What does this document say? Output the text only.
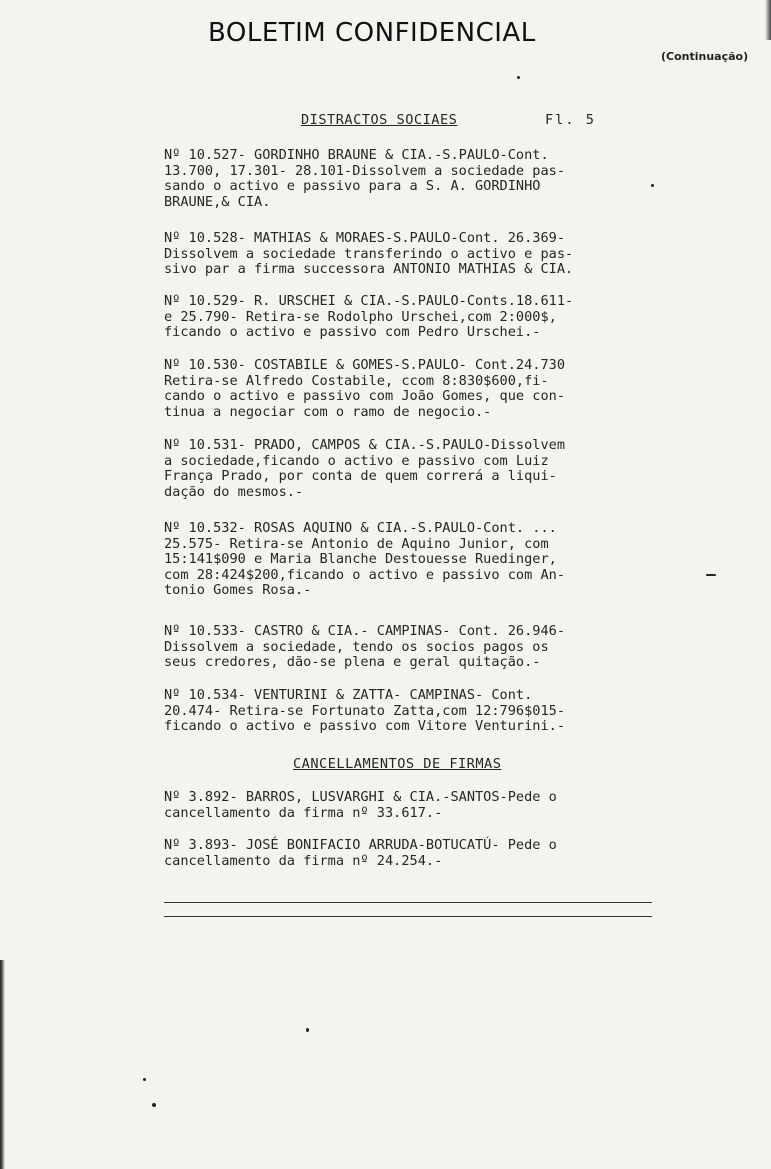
BOLETIM CONFIDENCIAL
(Continuação)
DISTRACTOS SOCIAES	Fl. 5

Nº 10.527- GORDINHO BRAUNE & CIA.-S.PAULO-Cont.
13.700, 17.301- 28.101-Dissolvem a sociedade pas-
sando o activo e passivo para a S. A. GORDINHO
BRAUNE,& CIA.

Nº 10.528- MATHIAS & MORAES-S.PAULO-Cont. 26.369-
Dissolvem a sociedade transferindo o activo e pas-
sivo par a firma successora ANTONIO MATHIAS & CIA.

Nº 10.529- R. URSCHEI & CIA.-S.PAULO-Conts.18.611-
e 25.790- Retira-se Rodolpho Urschei,com 2:000$,
ficando o activo e passivo com Pedro Urschei.-

Nº 10.530- COSTABILE & GOMES-S.PAULO- Cont.24.730
Retira-se Alfredo Costabile, ccom 8:830$600,fi-
cando o activo e passivo com João Gomes, que con-
tinua a negociar com o ramo de negocio.-

Nº 10.531- PRADO, CAMPOS & CIA.-S.PAULO-Dissolvem
a sociedade,ficando o activo e passivo com Luiz
França Prado, por conta de quem correrá a liqui-
dação do mesmos.-

Nº 10.532- ROSAS AQUINO & CIA.-S.PAULO-Cont. ...
25.575- Retira-se Antonio de Aquino Junior, com
15:141$090 e Maria Blanche Destouesse Ruedinger,
com 28:424$200,ficando o activo e passivo com An-
tonio Gomes Rosa.-

Nº 10.533- CASTRO & CIA.- CAMPINAS- Cont. 26.946-
Dissolvem a sociedade, tendo os socios pagos os
seus credores, dão-se plena e geral quitação.-

Nº 10.534- VENTURINI & ZATTA- CAMPINAS- Cont.
20.474- Retira-se Fortunato Zatta,com 12:796$015-
ficando o activo e passivo com Vitore Venturini.-

CANCELLAMENTOS DE FIRMAS

Nº 3.892- BARROS, LUSVARGHI & CIA.-SANTOS-Pede o
cancellamento da firma nº 33.617.-

Nº 3.893- JOSÉ BONIFACIO ARRUDA-BOTUCATÚ- Pede o
cancellamento da firma nº 24.254.-
